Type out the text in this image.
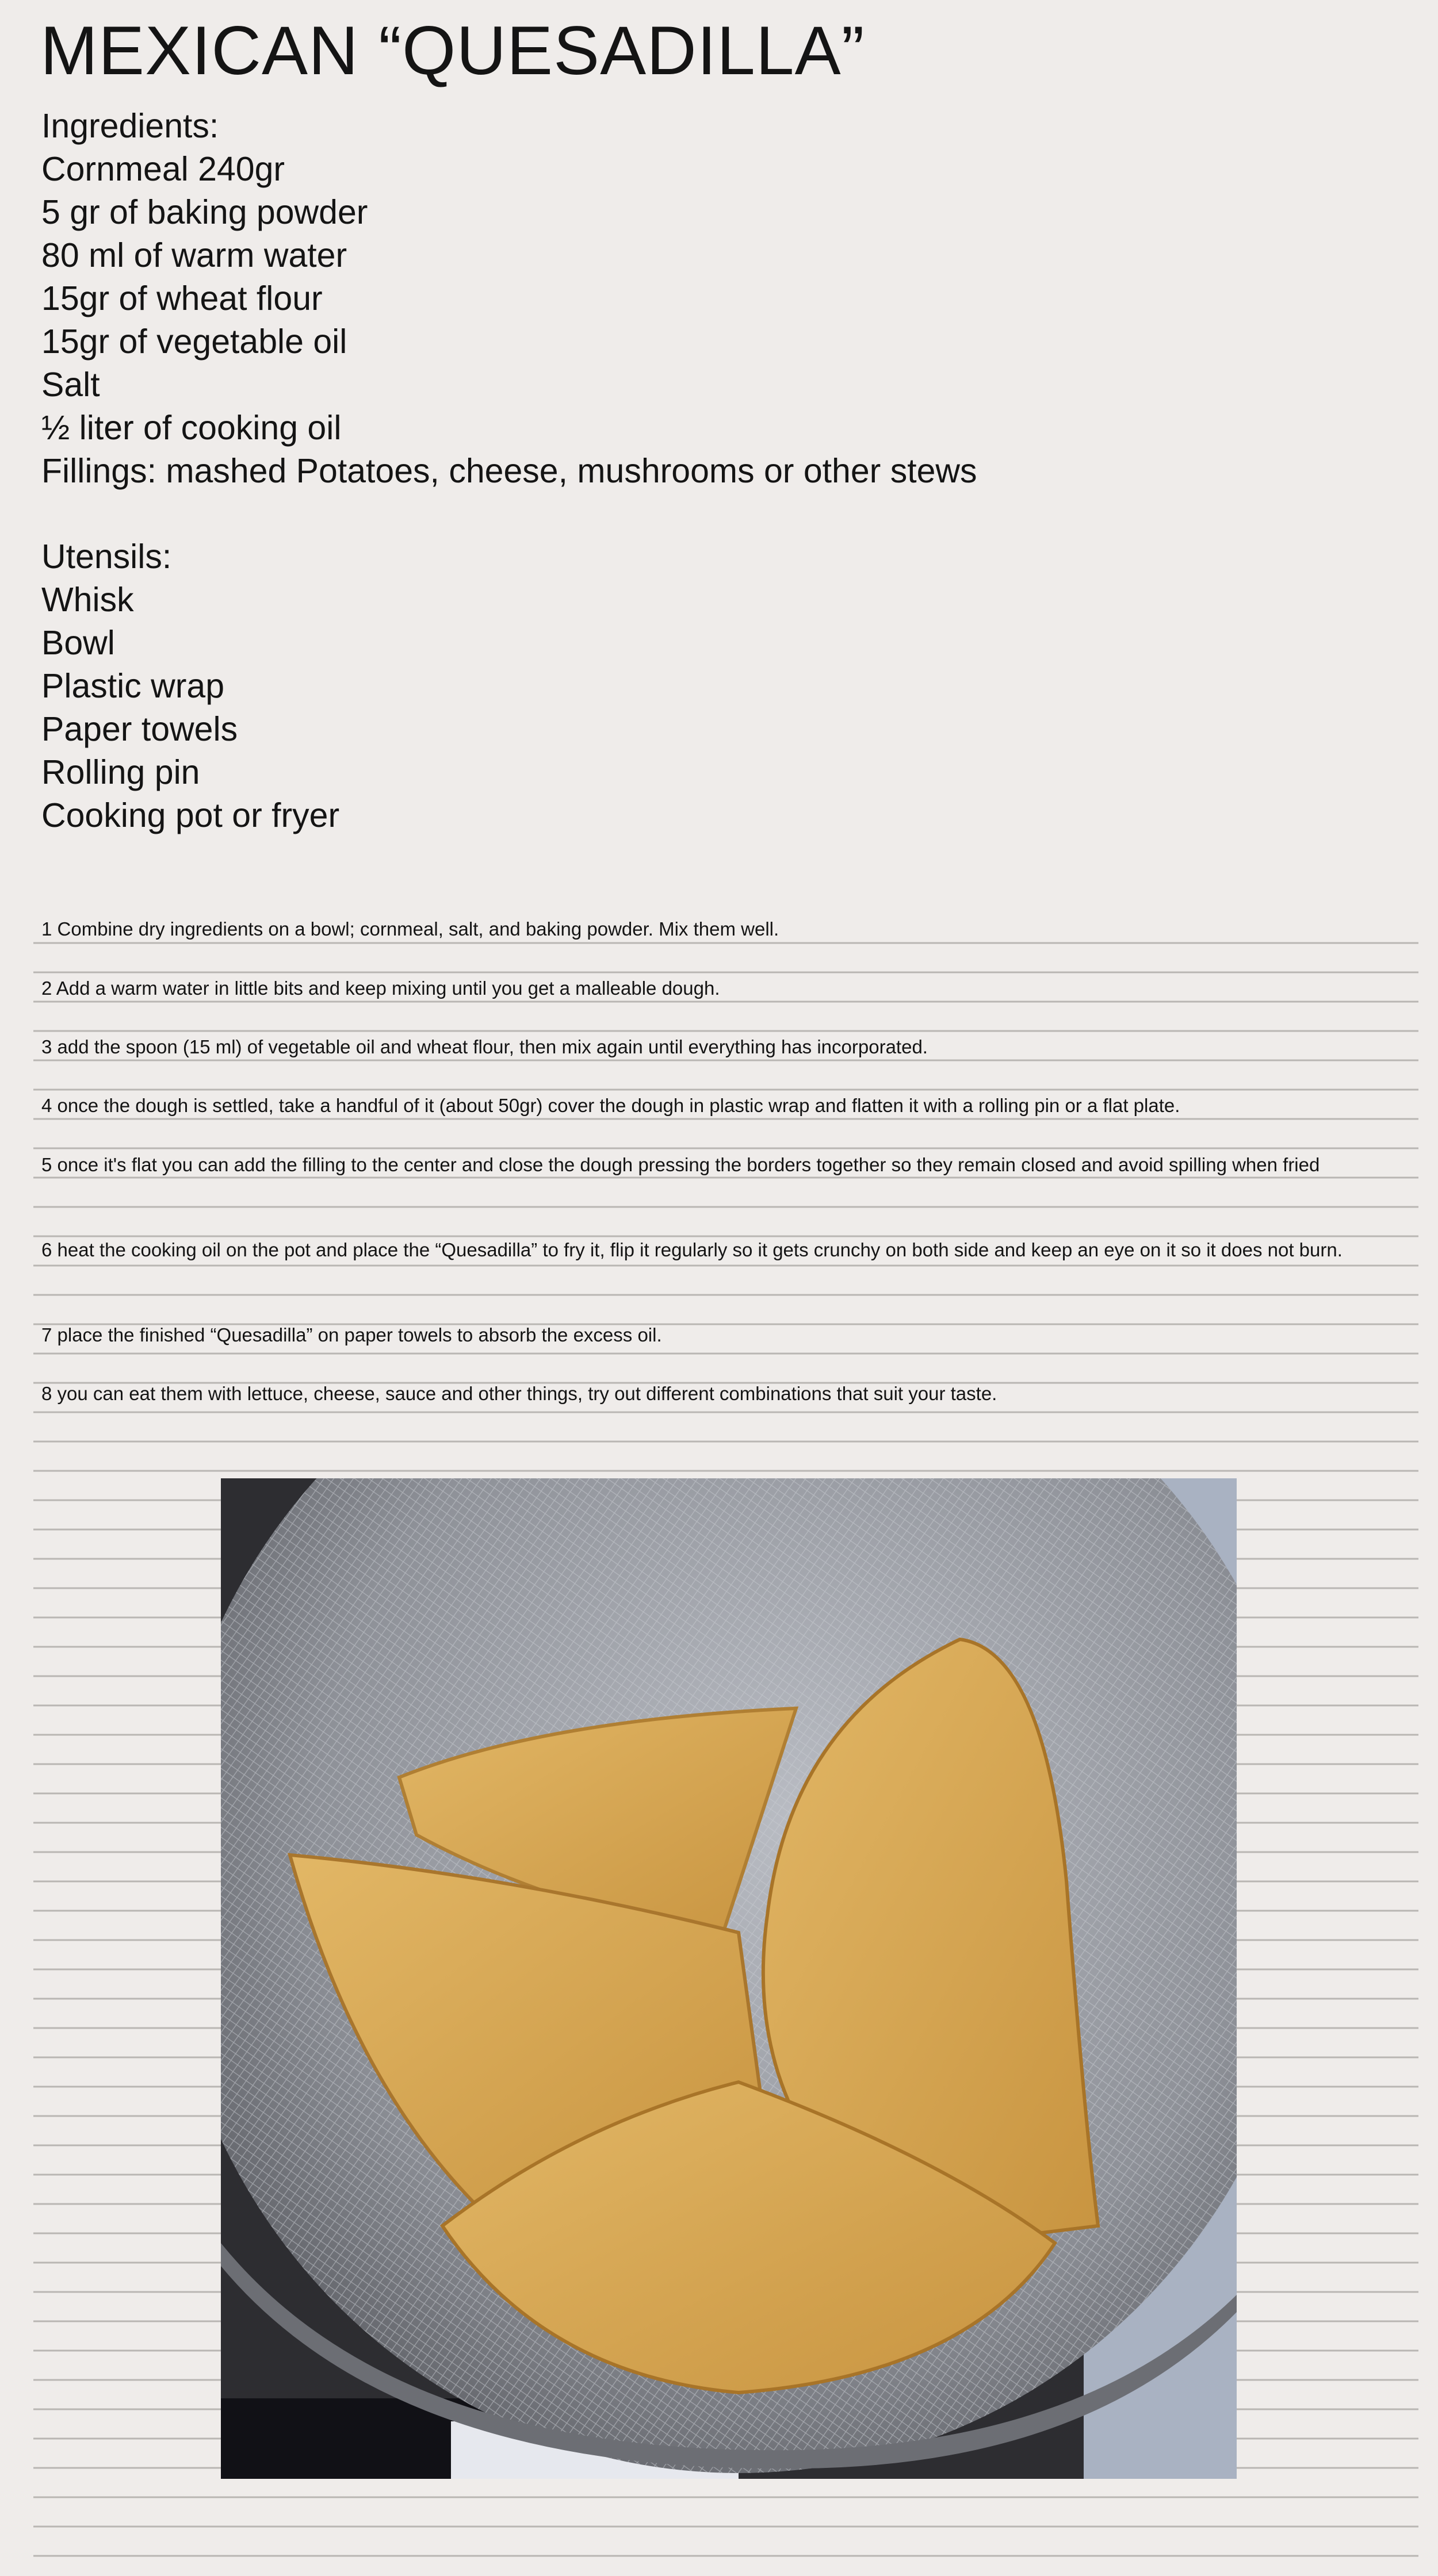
MEXICAN “QUESADILLA”
Ingredients:
Cornmeal 240gr
5 gr of baking powder
80 ml of warm water
15gr of wheat flour
15gr of vegetable oil
Salt
½ liter of cooking oil
Fillings: mashed Potatoes, cheese, mushrooms or other stews
Utensils:
Whisk
Bowl
Plastic wrap
Paper towels
Rolling pin
Cooking pot or fryer
1 Combine dry ingredients on a bowl; cornmeal, salt, and baking powder. Mix them well.
2 Add a warm water in little bits and keep mixing until you get a malleable dough.
3 add the spoon (15 ml) of vegetable oil and wheat flour, then mix again until everything has incorporated.
4 once the dough is settled, take a handful of it (about 50gr) cover the dough in plastic wrap and flatten it with a rolling pin or a flat plate.
5 once it's flat you can add the filling to the center and close the dough pressing the borders together so they remain closed and avoid spilling when fried
6 heat the cooking oil on the pot and place the “Quesadilla” to fry it, flip it regularly so it gets crunchy on both side and keep an eye on it so it does not burn.
7 place the finished “Quesadilla” on paper towels to absorb the excess oil.
8 you can eat them with lettuce, cheese, sauce and other things, try out different combinations that suit your taste.
